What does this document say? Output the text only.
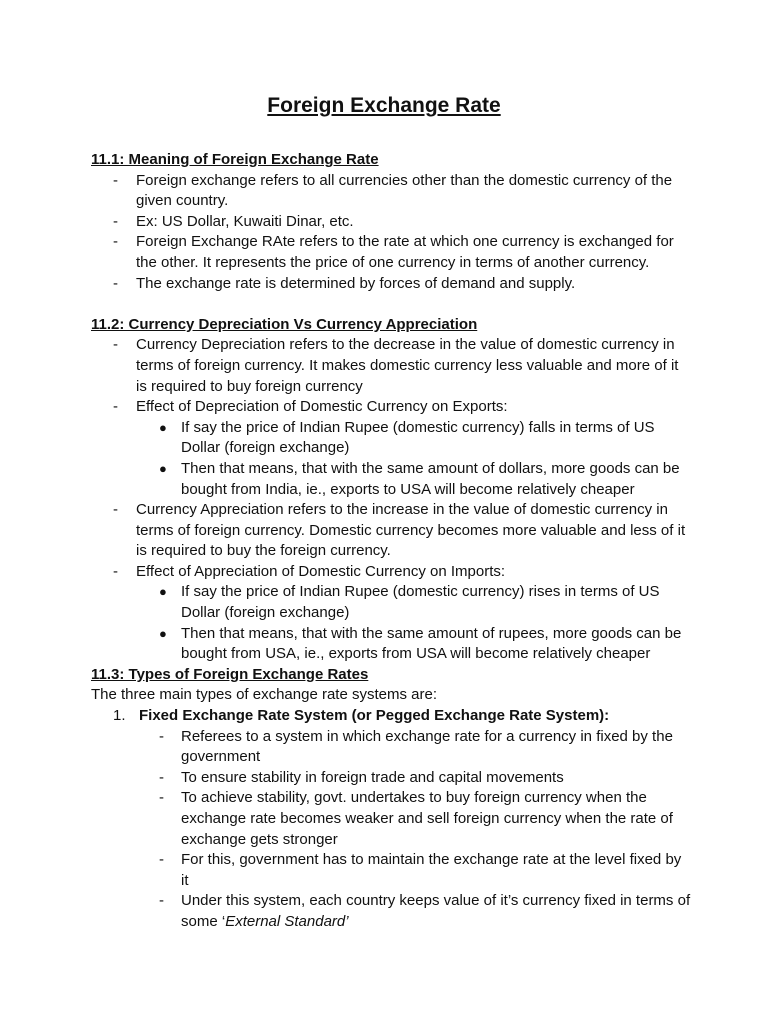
Foreign Exchange Rate

11.1: Meaning of Foreign Exchange Rate

- Foreign exchange refers to all currencies other than the domestic currency of the given country.
- Ex: US Dollar, Kuwaiti Dinar, etc.
- Foreign Exchange RAte refers to the rate at which one currency is exchanged for the other. It represents the price of one currency in terms of another currency.
- The exchange rate is determined by forces of demand and supply.

11.2: Currency Depreciation Vs Currency Appreciation

- Currency Depreciation refers to the decrease in the value of domestic currency in terms of foreign currency. It makes domestic currency less valuable and more of it is required to buy foreign currency
- Effect of Depreciation of Domestic Currency on Exports:
● If say the price of Indian Rupee (domestic currency) falls in terms of US Dollar (foreign exchange)
● Then that means, that with the same amount of dollars, more goods can be bought from India, ie., exports to USA will become relatively cheaper
- Currency Appreciation refers to the increase in the value of domestic currency in terms of foreign currency. Domestic currency becomes more valuable and less of it is required to buy the foreign currency.
- Effect of Appreciation of Domestic Currency on Imports:
● If say the price of Indian Rupee (domestic currency) rises in terms of US Dollar (foreign exchange)
● Then that means, that with the same amount of rupees, more goods can be bought from USA, ie., exports from USA will become relatively cheaper

11.3: Types of Foreign Exchange Rates

The three main types of exchange rate systems are:

1. Fixed Exchange Rate System (or Pegged Exchange Rate System):
- Referees to a system in which exchange rate for a currency in fixed by the government
- To ensure stability in foreign trade and capital movements
- To achieve stability, govt. undertakes to buy foreign currency when the exchange rate becomes weaker and sell foreign currency when the rate of exchange gets stronger
- For this, government has to maintain the exchange rate at the level fixed by it
- Under this system, each country keeps value of it’s currency fixed in terms of some ‘External Standard’
